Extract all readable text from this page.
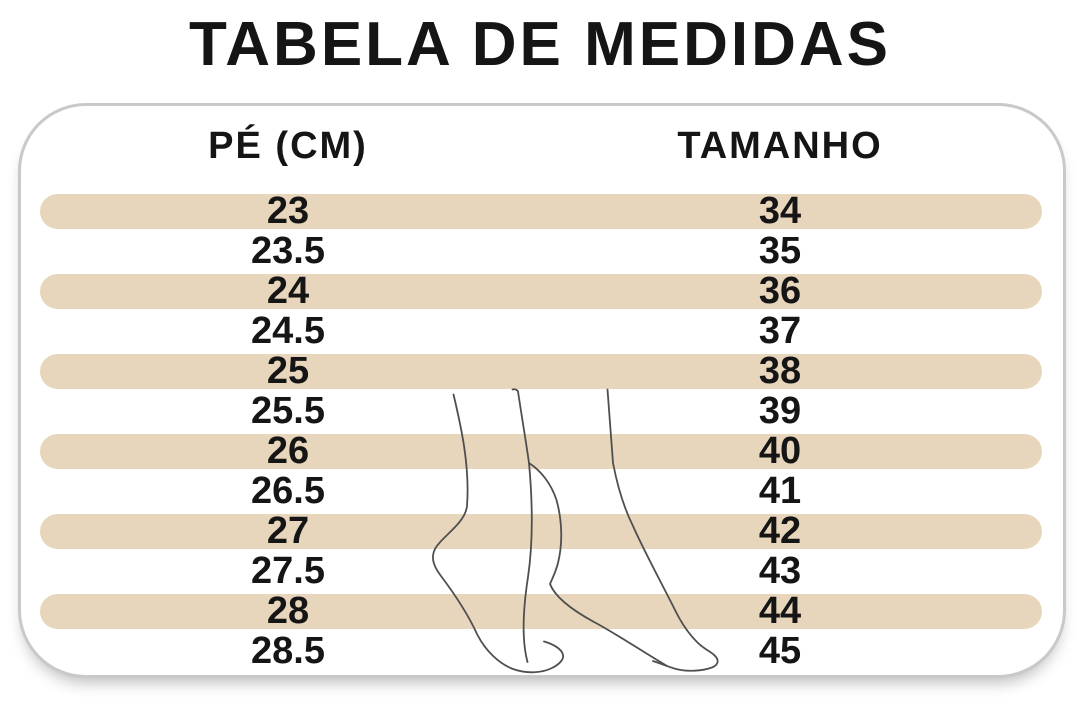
TABELA DE MEDIDAS
PÉ (CM)	TAMANHO
23	34
23.5	35
24	36
24.5	37
25	38
25.5	39
26	40
26.5	41
27	42
27.5	43
28	44
28.5	45
